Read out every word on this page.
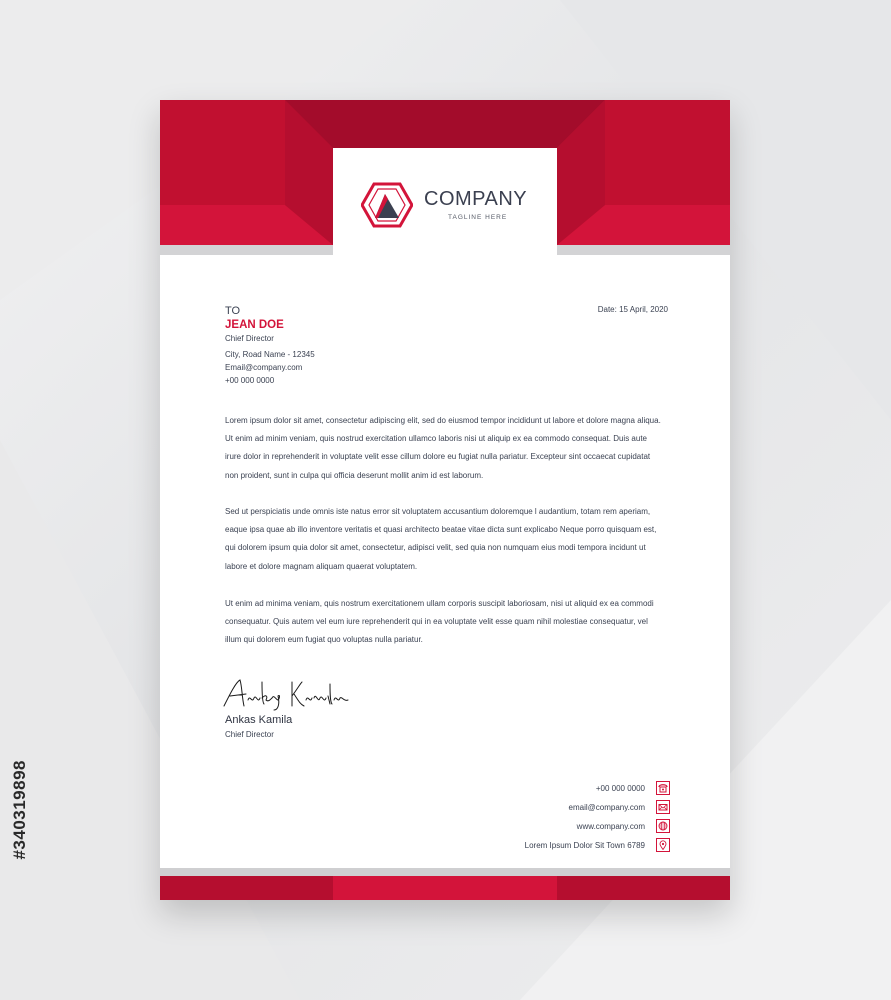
#340319898
COMPANY
TAGLINE HERE
TO
JEAN DOE
Chief Director
City, Road Name - 12345
Email@company.com
+00 000 0000
Date: 15 April, 2020
Lorem ipsum dolor sit amet, consectetur adipiscing elit, sed do eiusmod tempor incididunt ut labore et dolore magna aliqua. Ut enim ad minim veniam, quis nostrud exercitation ullamco laboris nisi ut aliquip ex ea commodo consequat. Duis aute irure dolor in reprehenderit in voluptate velit esse cillum dolore eu fugiat nulla pariatur. Excepteur sint occaecat cupidatat non proident, sunt in culpa qui officia deserunt mollit anim id est laborum.
Sed ut perspiciatis unde omnis iste natus error sit voluptatem accusantium doloremque l audantium, totam rem aperiam, eaque ipsa quae ab illo inventore veritatis et quasi architecto beatae vitae dicta sunt explicabo Neque porro quisquam est, qui dolorem ipsum quia dolor sit amet, consectetur, adipisci velit, sed quia non numquam eius modi tempora incidunt ut labore et dolore magnam aliquam quaerat voluptatem.
Ut enim ad minima veniam, quis nostrum exercitationem ullam corporis suscipit laboriosam, nisi ut aliquid ex ea commodi consequatur. Quis autem vel eum iure reprehenderit qui in ea voluptate velit esse quam nihil molestiae consequatur, vel illum qui dolorem eum fugiat quo voluptas nulla pariatur.
Ankas Kamila
Chief Director
+00 000 0000
email@company.com
www.company.com
Lorem Ipsum Dolor Sit Town 6789
